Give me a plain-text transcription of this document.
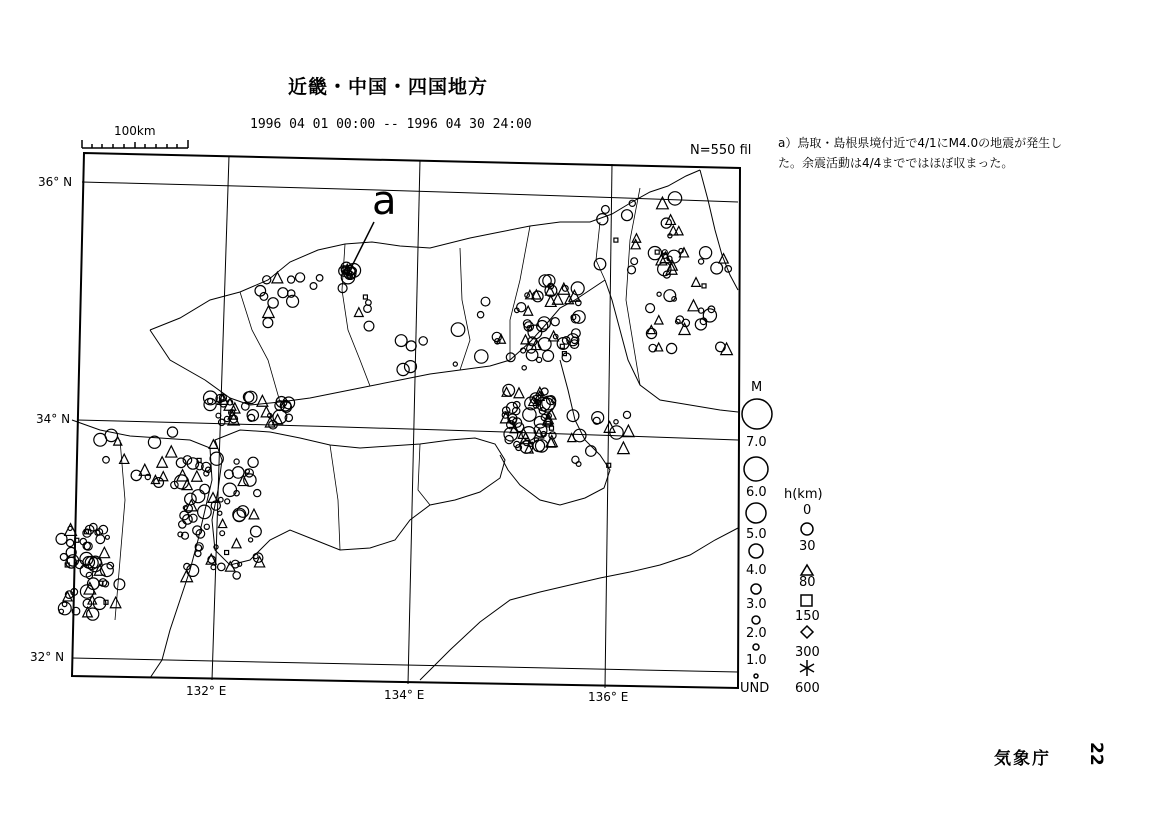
近畿・中国・四国地方
1996 04 01 00:00 -- 1996 04 30 24:00
N=550 fil a）鳥取・島根県境付近で4/1にM4.0の地震が発生した。余震活動は4/4までではほぼ収まった。
100km
a
36° N
34° N
32° N
132° E	134° E	136° E
M
7.0
6.0
5.0
4.0
3.0
2.0
1.0
UND
h(km)
0
30
80
150
300
600
気象庁 22
